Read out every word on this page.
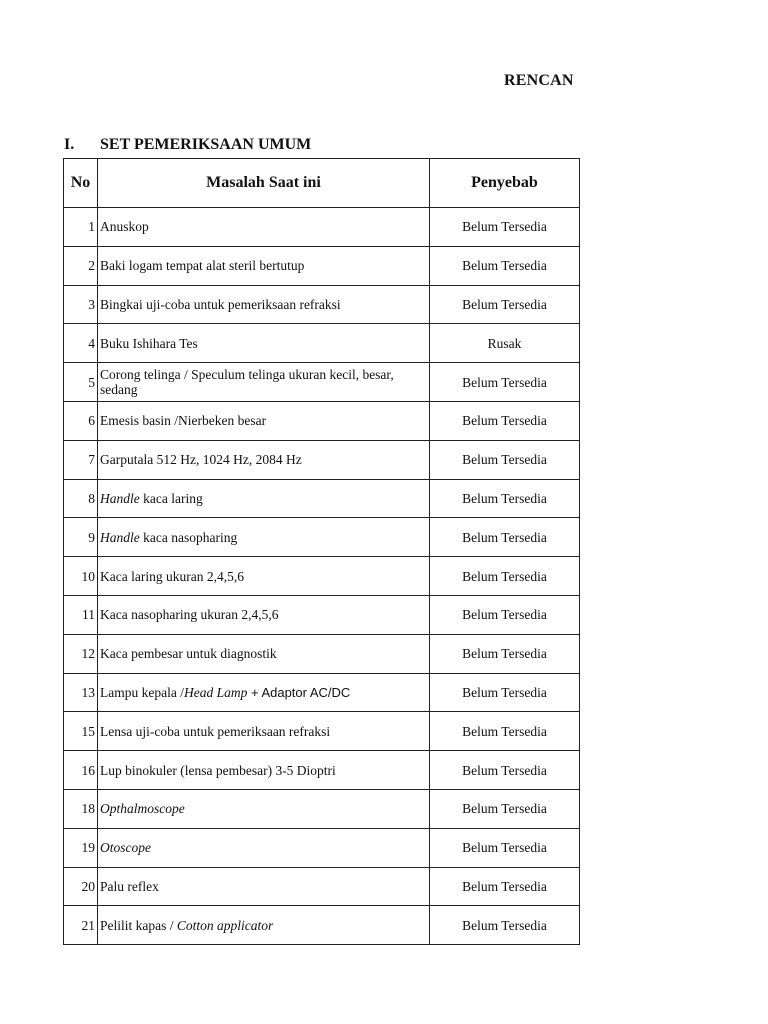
RENCAN
I.	SET PEMERIKSAAN UMUM
No	Masalah Saat ini	Penyebab
1	Anuskop	Belum Tersedia
2	Baki logam tempat alat steril bertutup	Belum Tersedia
3	Bingkai uji-coba untuk pemeriksaan refraksi	Belum Tersedia
4	Buku Ishihara Tes	Rusak
5	Corong telinga / Speculum telinga ukuran kecil, besar, sedang	Belum Tersedia
6	Emesis basin /Nierbeken besar	Belum Tersedia
7	Garputala 512 Hz, 1024 Hz, 2084 Hz	Belum Tersedia
8	Handle kaca laring	Belum Tersedia
9	Handle kaca nasopharing	Belum Tersedia
10	Kaca laring ukuran 2,4,5,6	Belum Tersedia
11	Kaca nasopharing ukuran 2,4,5,6	Belum Tersedia
12	Kaca pembesar untuk diagnostik	Belum Tersedia
13	Lampu kepala /Head Lamp + Adaptor AC/DC	Belum Tersedia
15	Lensa uji-coba untuk pemeriksaan refraksi	Belum Tersedia
16	Lup binokuler (lensa pembesar) 3-5 Dioptri	Belum Tersedia
18	Opthalmoscope	Belum Tersedia
19	Otoscope	Belum Tersedia
20	Palu reflex	Belum Tersedia
21	Pelilit kapas / Cotton applicator	Belum Tersedia
